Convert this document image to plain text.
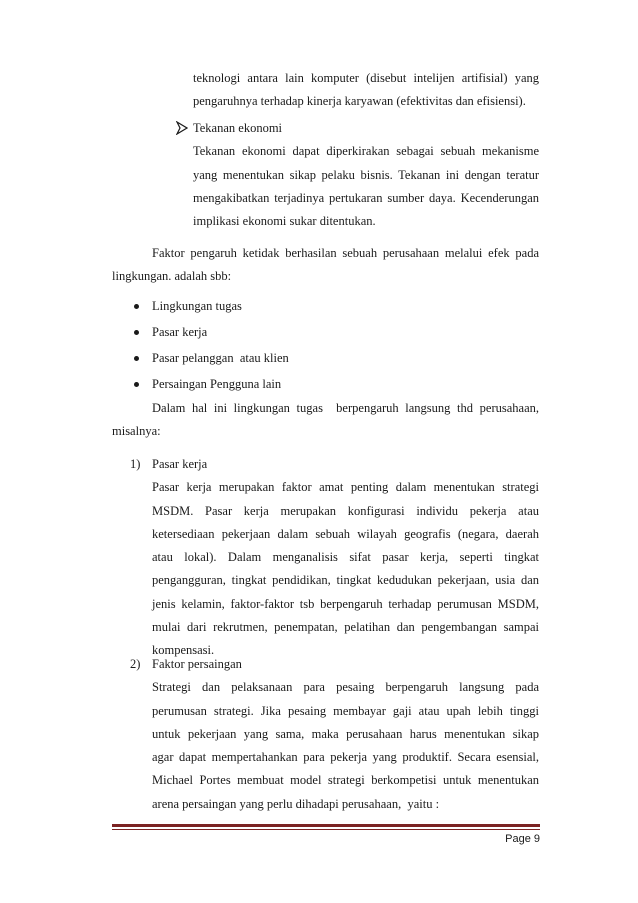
teknologi antara lain komputer (disebut intelijen artifisial) yang
pengaruhnya terhadap kinerja karyawan (efektivitas dan efisiensi).
Tekanan ekonomi
Tekanan ekonomi dapat diperkirakan sebagai sebuah mekanisme
yang menentukan sikap pelaku bisnis. Tekanan ini dengan teratur
mengakibatkan terjadinya pertukaran sumber daya. Kecenderungan
implikasi ekonomi sukar ditentukan.
Faktor pengaruh ketidak berhasilan sebuah perusahaan melalui efek pada
lingkungan. adalah sbb:
Lingkungan tugas
Pasar kerja
Pasar pelanggan  atau klien
Persaingan Pengguna lain
Dalam hal ini lingkungan tugas  berpengaruh langsung thd perusahaan,
misalnya:
1) Pasar kerja
Pasar kerja merupakan faktor amat penting dalam menentukan strategi
MSDM. Pasar kerja merupakan konfigurasi individu pekerja atau
ketersediaan pekerjaan dalam sebuah wilayah geografis (negara, daerah
atau lokal). Dalam menganalisis sifat pasar kerja, seperti tingkat
pengangguran, tingkat pendidikan, tingkat kedudukan pekerjaan, usia dan
jenis kelamin, faktor-faktor tsb berpengaruh terhadap perumusan MSDM,
mulai dari rekrutmen, penempatan, pelatihan dan pengembangan sampai
kompensasi.
2) Faktor persaingan
Strategi dan pelaksanaan para pesaing berpengaruh langsung pada
perumusan strategi. Jika pesaing membayar gaji atau upah lebih tinggi
untuk pekerjaan yang sama, maka perusahaan harus menentukan sikap
agar dapat mempertahankan para pekerja yang produktif. Secara esensial,
Michael Portes membuat model strategi berkompetisi untuk menentukan
arena persaingan yang perlu dihadapi perusahaan,  yaitu :
Page 9
